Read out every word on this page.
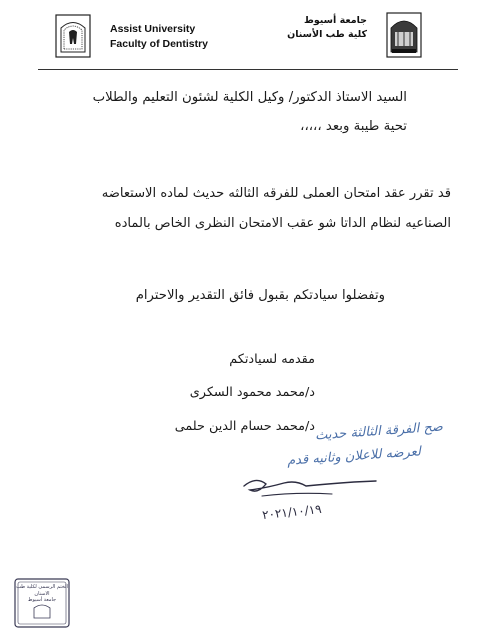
Assist University
Faculty of Dentistry
جامعة أسيوط
كلية طب الأسنان
السيد الاستاذ الدكتور/ وكيل الكلية لشئون التعليم والطلاب
تحية طيبة وبعد ،،،،،
قد تقرر عقد امتحان العملى للفرقه الثالثه حديث لماده الاستعاضه
الصناعيه لنظام الداتا شو عقب الامتحان النظرى الخاص بالماده
وتفضلوا سيادتكم بقبول فائق التقدير والاحترام
مقدمه لسيادتكم
د/محمد محمود السكرى
د/محمد حسام الدين حلمى صح الفرقة الثالثة حديث
لعرضه للاعلان وثانيه قدم
٢٠٢١/١٠/١٩
الختم الرسمى لكلية طب الاسنان
جامعة أسيوط
